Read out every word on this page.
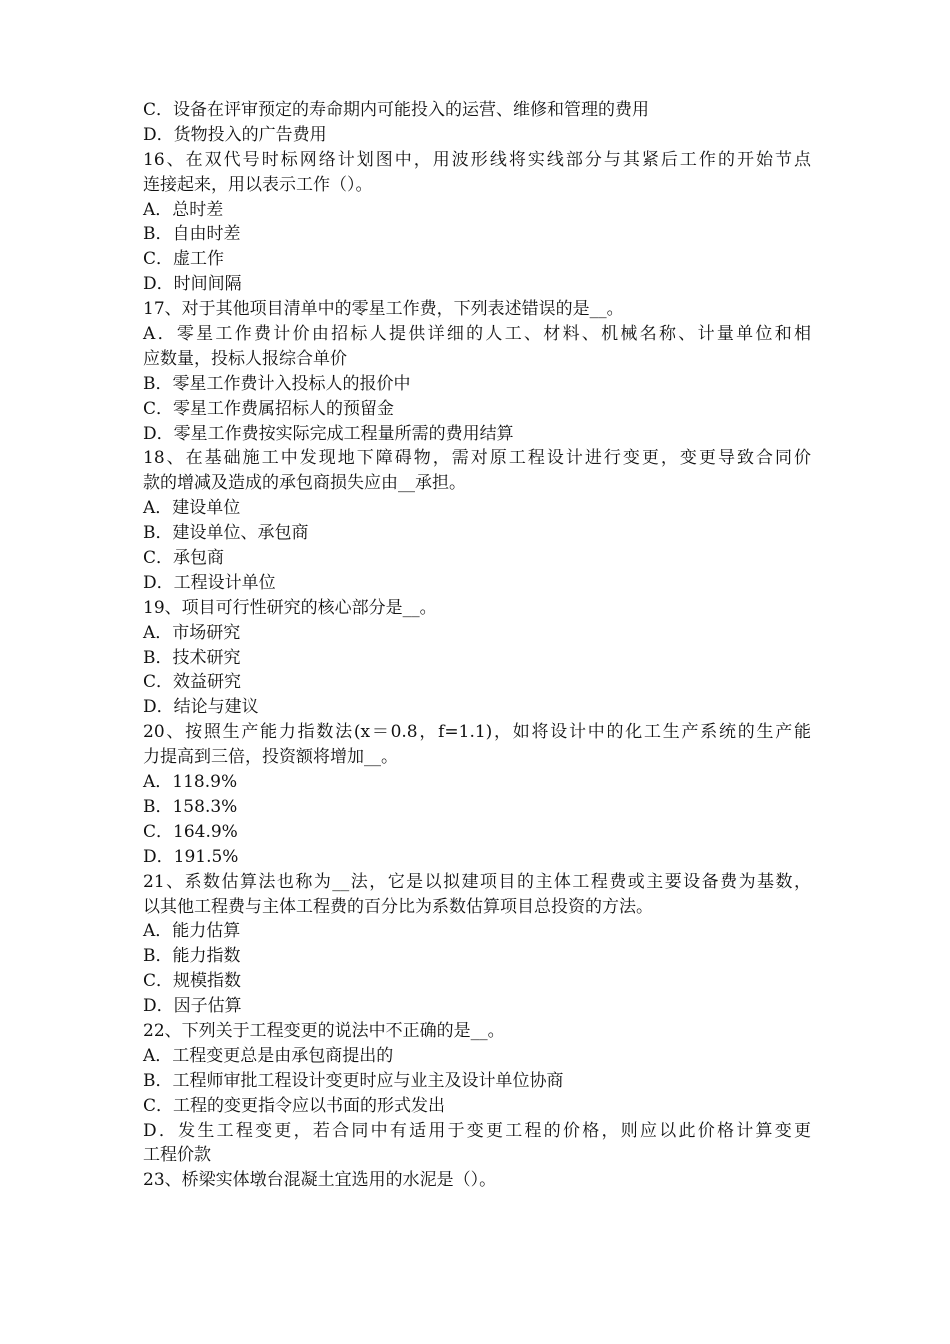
C．设备在评审预定的寿命期内可能投入的运营、维修和管理的费用
D．货物投入的广告费用
16、在双代号时标网络计划图中，用波形线将实线部分与其紧后工作的开始节点
连接起来，用以表示工作（）。
A．总时差
B．自由时差
C．虚工作
D．时间间隔
17、对于其他项目清单中的零星工作费，下列表述错误的是__。
A．零星工作费计价由招标人提供详细的人工、材料、机械名称、计量单位和相
应数量，投标人报综合单价
B．零星工作费计入投标人的报价中
C．零星工作费属招标人的预留金
D．零星工作费按实际完成工程量所需的费用结算
18、在基础施工中发现地下障碍物，需对原工程设计进行变更，变更导致合同价
款的增减及造成的承包商损失应由__承担。
A．建设单位
B．建设单位、承包商
C．承包商
D．工程设计单位
19、项目可行性研究的核心部分是__。
A．市场研究
B．技术研究
C．效益研究
D．结论与建议
20、按照生产能力指数法(x＝0.8，f=1.1)，如将设计中的化工生产系统的生产能
力提高到三倍，投资额将增加__。
A．118.9%
B．158.3%
C．164.9%
D．191.5%
21、系数估算法也称为__法，它是以拟建项目的主体工程费或主要设备费为基数，
以其他工程费与主体工程费的百分比为系数估算项目总投资的方法。
A．能力估算
B．能力指数
C．规模指数
D．因子估算
22、下列关于工程变更的说法中不正确的是__。
A．工程变更总是由承包商提出的
B．工程师审批工程设计变更时应与业主及设计单位协商
C．工程的变更指令应以书面的形式发出
D．发生工程变更，若合同中有适用于变更工程的价格，则应以此价格计算变更
工程价款
23、桥梁实体墩台混凝土宜选用的水泥是（）。
